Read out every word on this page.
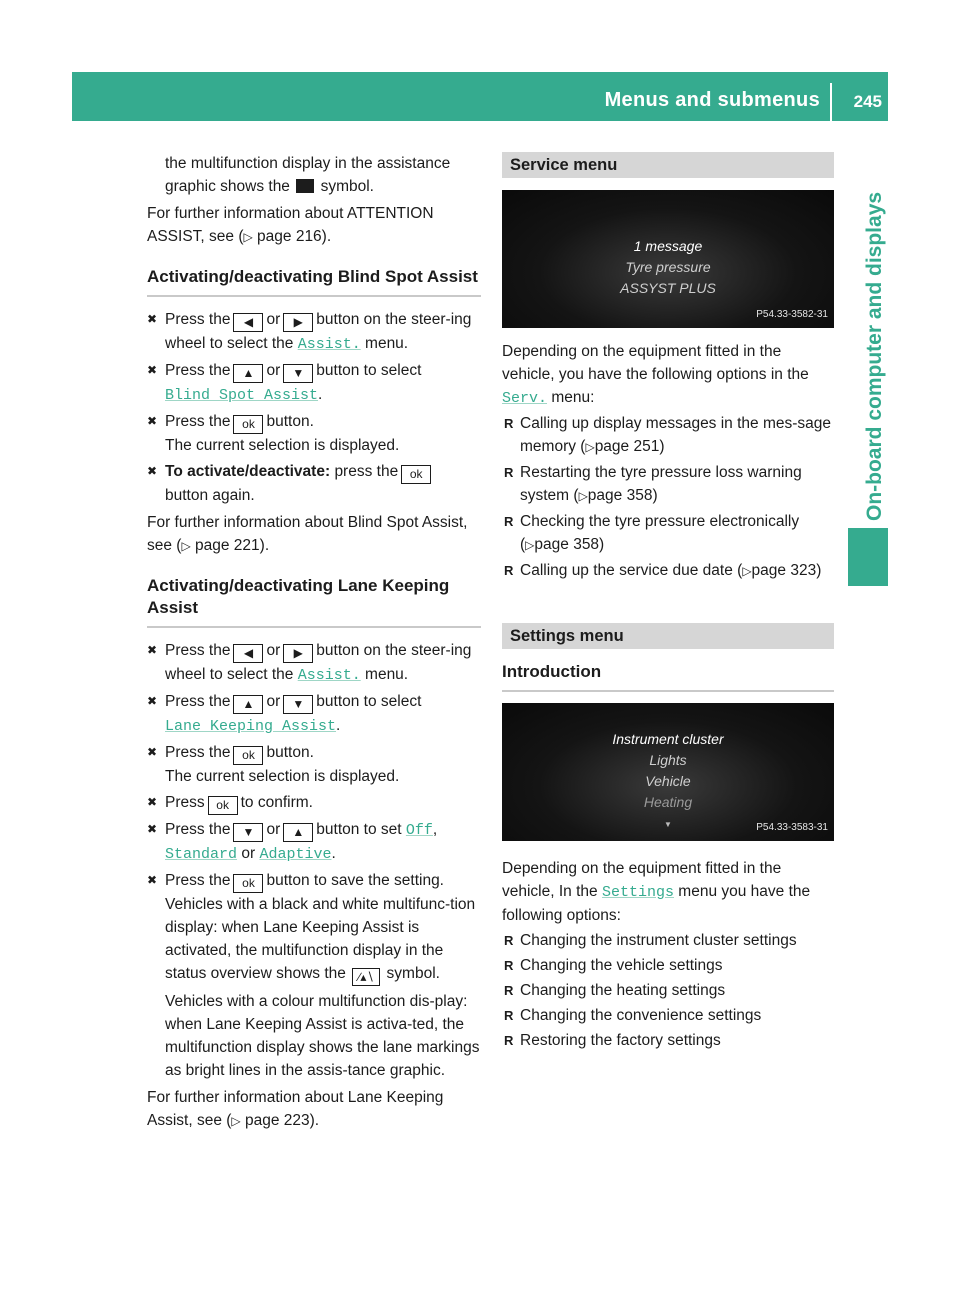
Menus and submenus 245
On-board computer and displays

the multifunction display in the assistance graphic shows the symbol.

For further information about ATTENTION ASSIST, see (▷ page 216).

Activating/deactivating Blind Spot Assist
✖ Press the ◀ or ▶ button on the steer-ing wheel to select the Assist. menu.
✖ Press the ▲ or ▼ button to select
Blind Spot Assist.
✖ Press the ok button.
The current selection is displayed.
✖ To activate/deactivate: press the ok
button again.

For further information about Blind Spot Assist, see (▷ page 221).

Activating/deactivating Lane Keeping Assist
✖ Press the ◀ or ▶ button on the steer-ing wheel to select the Assist. menu.
✖ Press the ▲ or ▼ button to select
Lane Keeping Assist.
✖ Press the ok button.
The current selection is displayed.
✖ Press ok to confirm.
✖ Press the ▼ or ▲ button to set Off,
Standard or Adaptive.
✖ Press the ok button to save the setting. Vehicles with a black and white multifunc-tion display: when Lane Keeping Assist is activated, the multifunction display in the status overview shows the ∕▴∖ symbol.

Vehicles with a colour multifunction dis-play: when Lane Keeping Assist is activa-ted, the multifunction display shows the lane markings as bright lines in the assis-tance graphic.

For further information about Lane Keeping Assist, see (▷ page 223).

Service menu
1 message
Tyre pressure
ASSYST PLUS
P54.33-3582-31

Depending on the equipment fitted in the vehicle, you have the following options in the
Serv. menu:

R Calling up display messages in the mes-sage memory (▷page 251)
R Restarting the tyre pressure loss warning system (▷page 358)
R Checking the tyre pressure electronically (▷page 358)
R Calling up the service due date (▷page 323)
Settings menu
Introduction
Instrument cluster
Lights
Vehicle
Heating
▼	P54.33-3583-31

Depending on the equipment fitted in the vehicle, In the Settings menu you have the following options:

R Changing the instrument cluster settings
R Changing the vehicle settings
R Changing the heating settings
R Changing the convenience settings
R Restoring the factory settings
